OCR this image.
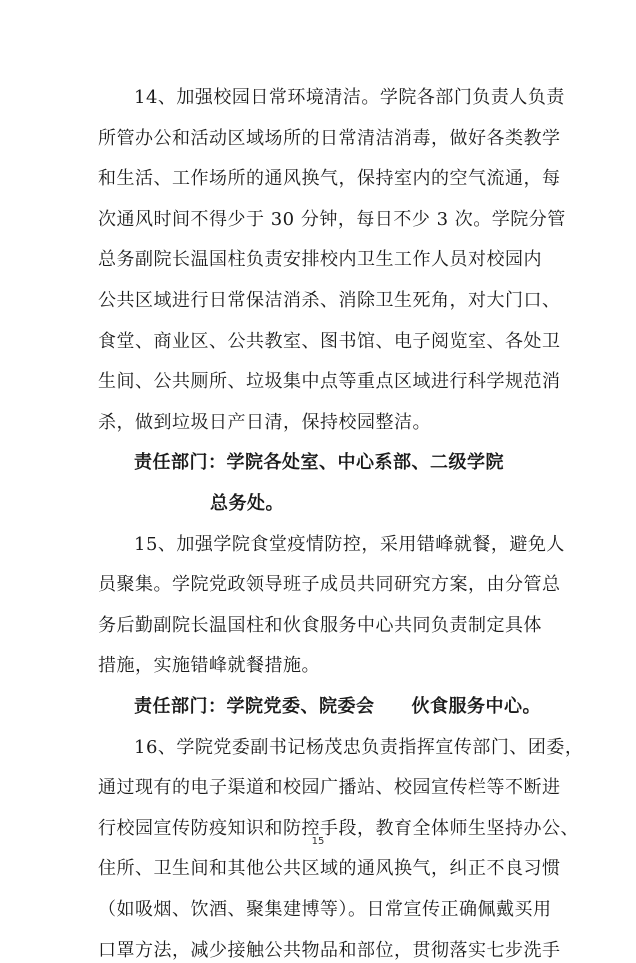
15
14、加强校园日常环境清洁。学院各部门负责人负责
所管办公和活动区域场所的日常清洁消毒，做好各类教学
和生活、工作场所的通风换气，保持室内的空气流通，每
次通风时间不得少于 30 分钟，每日不少 3 次。学院分管
总务副院长温国柱负责安排校内卫生工作人员对校园内
公共区域进行日常保洁消杀、消除卫生死角，对大门口、
食堂、商业区、公共教室、图书馆、电子阅览室、各处卫
生间、公共厕所、垃圾集中点等重点区域进行科学规范消
杀，做到垃圾日产日清，保持校园整洁。
责任部门：学院各处室、中心系部、二级学院
总务处。
15、加强学院食堂疫情防控，采用错峰就餐，避免人
员聚集。学院党政领导班子成员共同研究方案，由分管总
务后勤副院长温国柱和伙食服务中心共同负责制定具体
措施，实施错峰就餐措施。
责任部门：学院党委、院委会　　伙食服务中心。
16、学院党委副书记杨茂忠负责指挥宣传部门、团委，
通过现有的电子渠道和校园广播站、校园宣传栏等不断进
行校园宣传防疫知识和防控手段，教育全体师生坚持办公、
住所、卫生间和其他公共区域的通风换气，纠正不良习惯
（如吸烟、饮酒、聚集建博等）。日常宣传正确佩戴买用
口罩方法，减少接触公共物品和部位，贯彻落实七步洗手
